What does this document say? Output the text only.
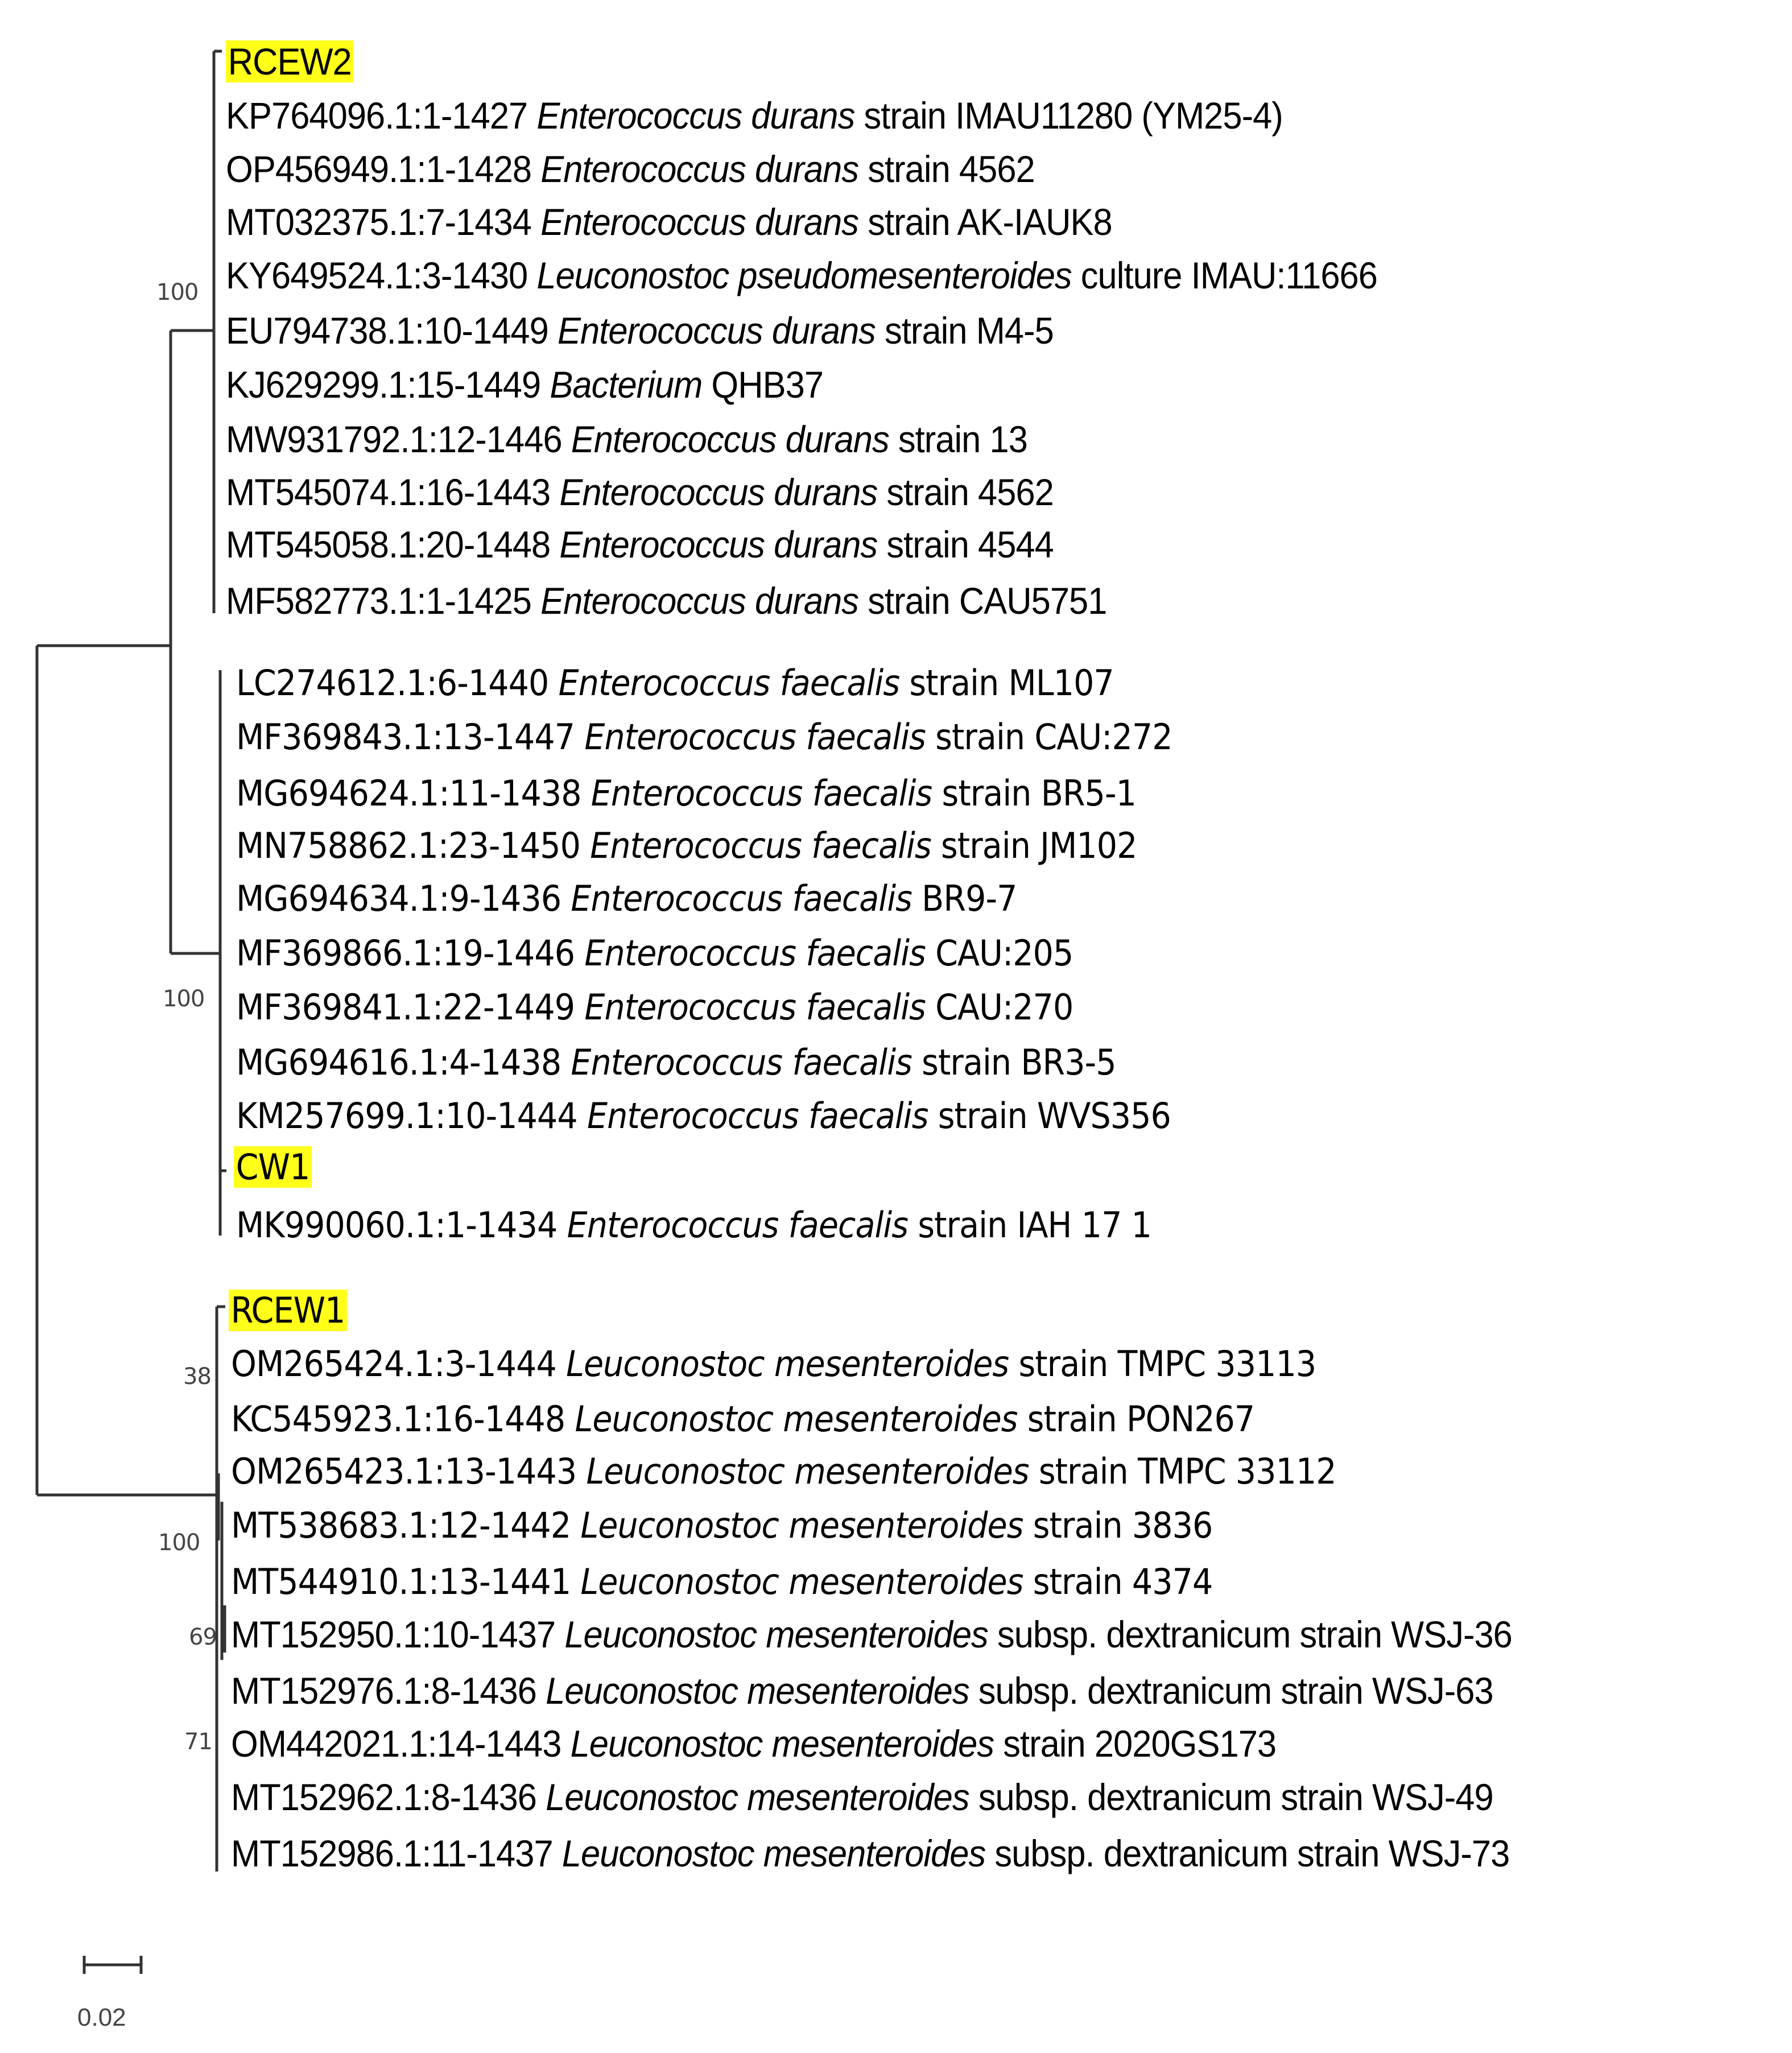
100
100
100
38
69
71
RCEW2
KP764096.1:1-1427 Enterococcus durans strain IMAU11280 (YM25-4)
OP456949.1:1-1428 Enterococcus durans strain 4562
MT032375.1:7-1434 Enterococcus durans strain AK-IAUK8
KY649524.1:3-1430 Leuconostoc pseudomesenteroides culture IMAU:11666
EU794738.1:10-1449 Enterococcus durans strain M4-5
KJ629299.1:15-1449 Bacterium QHB37
MW931792.1:12-1446 Enterococcus durans strain 13
MT545074.1:16-1443 Enterococcus durans strain 4562
MT545058.1:20-1448 Enterococcus durans strain 4544
MF582773.1:1-1425 Enterococcus durans strain CAU5751
LC274612.1:6-1440 Enterococcus faecalis strain ML107
MF369843.1:13-1447 Enterococcus faecalis strain CAU:272
MG694624.1:11-1438 Enterococcus faecalis strain BR5-1
MN758862.1:23-1450 Enterococcus faecalis strain JM102
MG694634.1:9-1436 Enterococcus faecalis BR9-7
MF369866.1:19-1446 Enterococcus faecalis CAU:205
MF369841.1:22-1449 Enterococcus faecalis CAU:270
MG694616.1:4-1438 Enterococcus faecalis strain BR3-5
KM257699.1:10-1444 Enterococcus faecalis strain WVS356
CW1
MK990060.1:1-1434 Enterococcus faecalis strain IAH 17 1
RCEW1
OM265424.1:3-1444 Leuconostoc mesenteroides strain TMPC 33113
KC545923.1:16-1448 Leuconostoc mesenteroides strain PON267
OM265423.1:13-1443 Leuconostoc mesenteroides strain TMPC 33112
MT538683.1:12-1442 Leuconostoc mesenteroides strain 3836
MT544910.1:13-1441 Leuconostoc mesenteroides strain 4374
MT152950.1:10-1437 Leuconostoc mesenteroides subsp. dextranicum strain WSJ-36
MT152976.1:8-1436 Leuconostoc mesenteroides subsp. dextranicum strain WSJ-63
OM442021.1:14-1443 Leuconostoc mesenteroides strain 2020GS173
MT152962.1:8-1436 Leuconostoc mesenteroides subsp. dextranicum strain WSJ-49
MT152986.1:11-1437 Leuconostoc mesenteroides subsp. dextranicum strain WSJ-73
0.02
